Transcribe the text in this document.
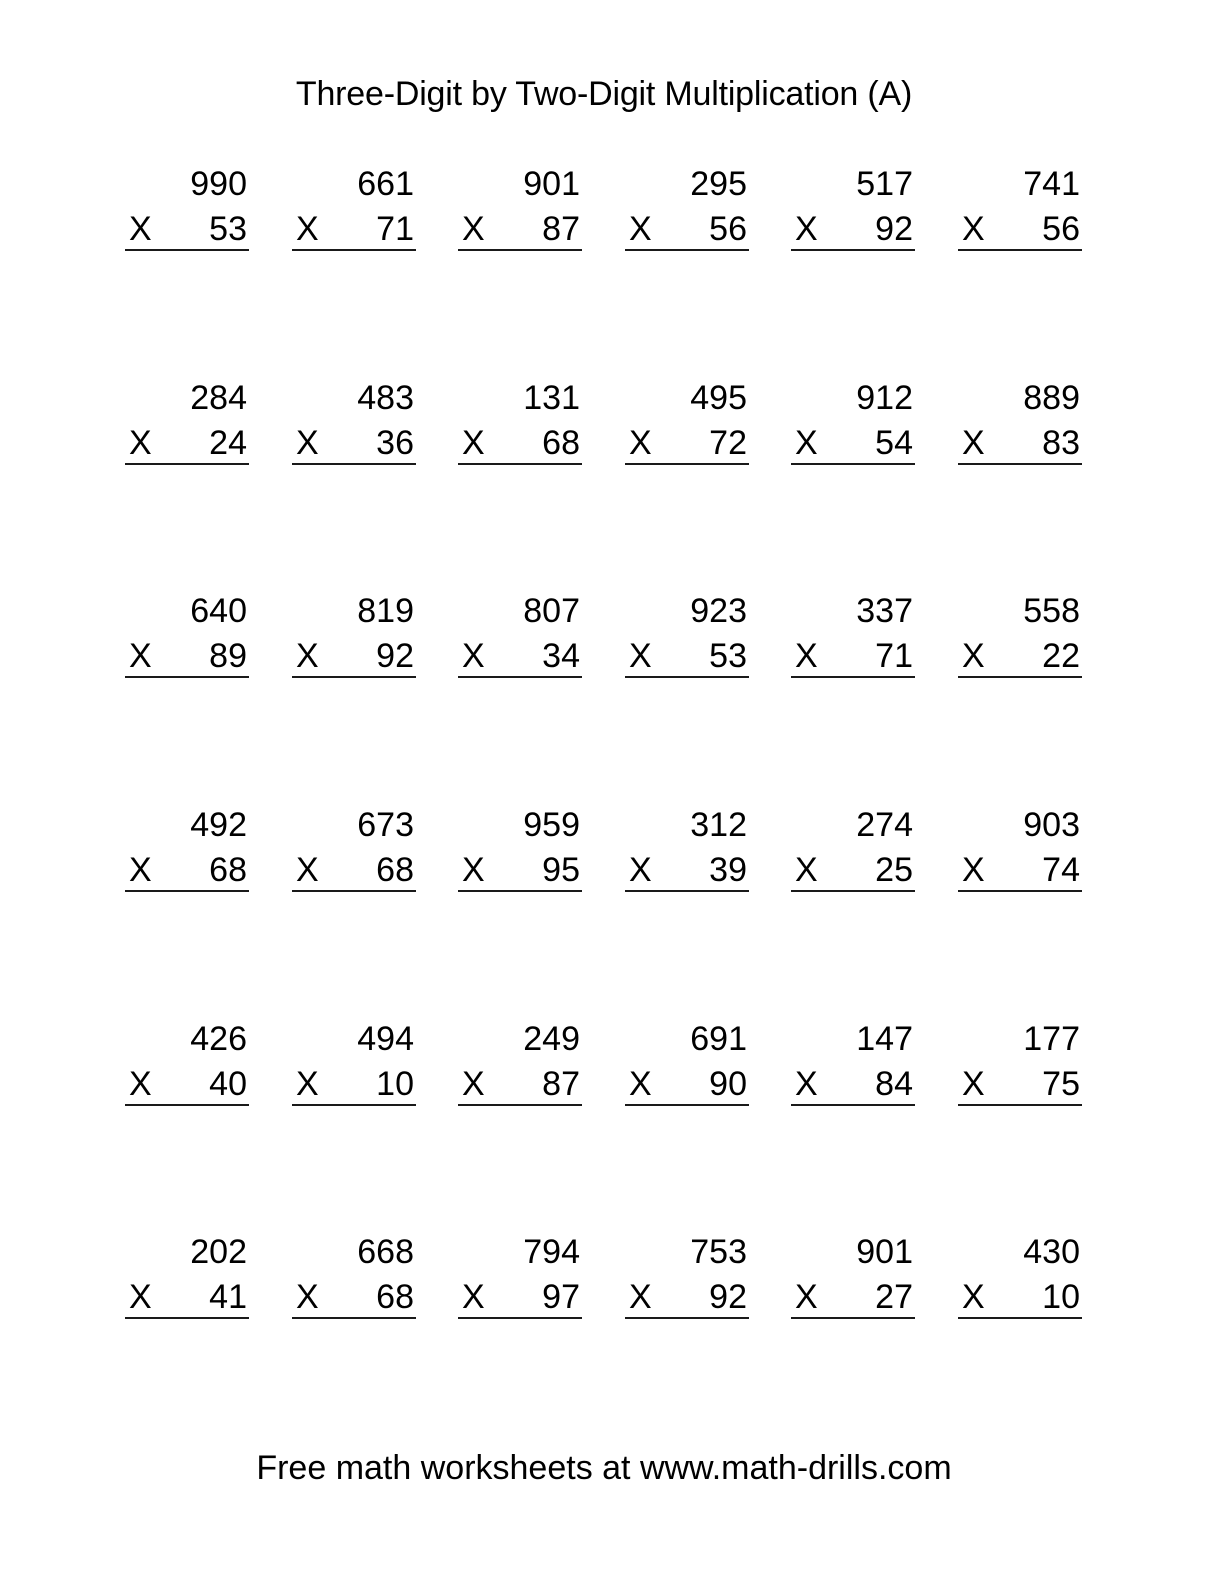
Three-Digit by Two-Digit Multiplication (A)
990
X 53
661
X 71
901
X 87
295
X 56
517
X 92
741
X 56
284
X 24
483
X 36
131
X 68
495
X 72
912
X 54
889
X 83
640
X 89
819
X 92
807
X 34
923
X 53
337
X 71
558
X 22
492
X 68
673
X 68
959
X 95
312
X 39
274
X 25
903
X 74
426
X 40
494
X 10
249
X 87
691
X 90
147
X 84
177
X 75
202
X 41
668
X 68
794
X 97
753
X 92
901
X 27
430
X 10
Free math worksheets at www.math-drills.com
